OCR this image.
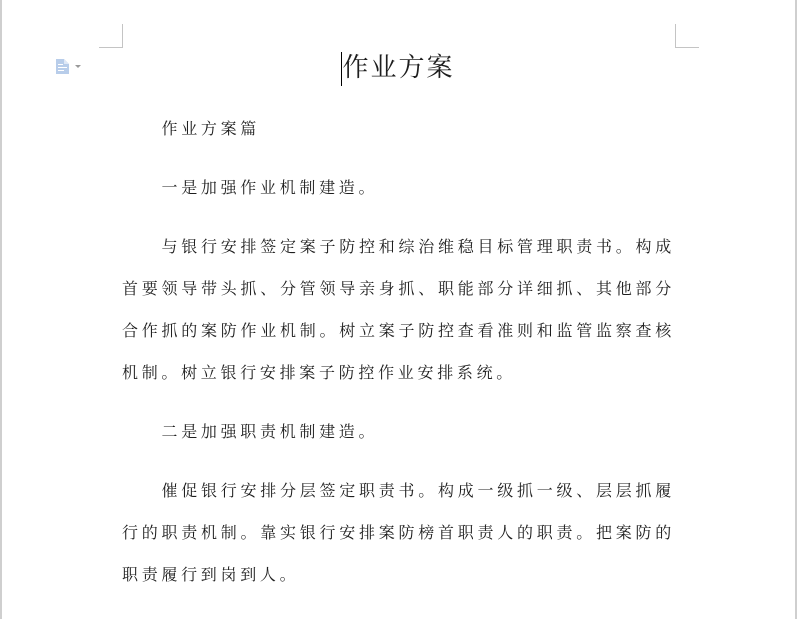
作业方案

作业方案篇

一是加强作业机制建造。

与银行安排签定案子防控和综治维稳目标管理职责书。构成首要领导带头抓、分管领导亲身抓、职能部分详细抓、其他部分合作抓的案防作业机制。树立案子防控查看准则和监管监察查核机制。树立银行安排案子防控作业安排系统。

二是加强职责机制建造。

催促银行安排分层签定职责书。构成一级抓一级、层层抓履行的职责机制。靠实银行安排案防榜首职责人的职责。把案防的职责履行到岗到人。
